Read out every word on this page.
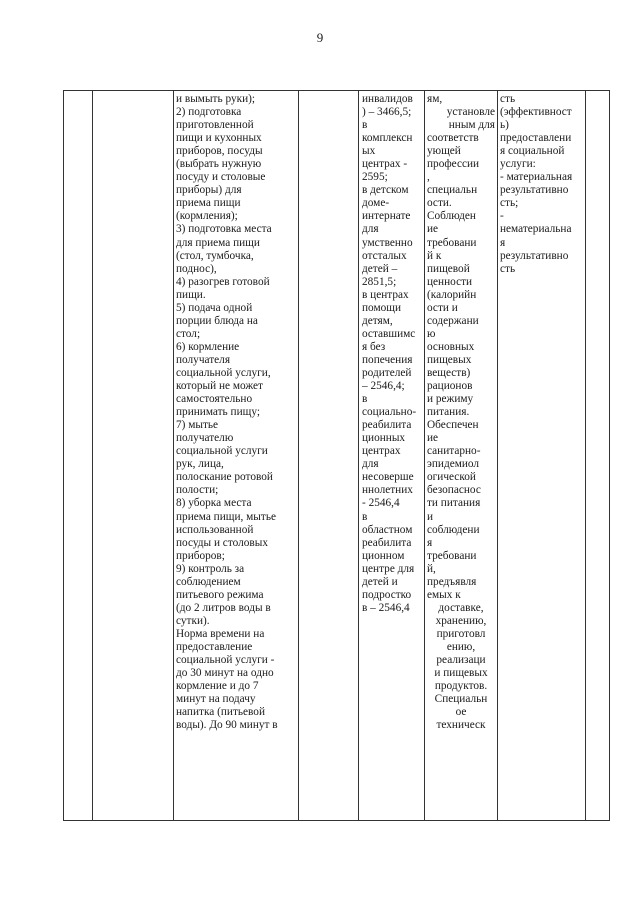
9
и вымыть руки);
2) подготовка
приготовленной
пищи и кухонных
приборов, посуды
(выбрать нужную
посуду и столовые
приборы) для
приема пищи
(кормления);
3) подготовка места
для приема пищи
(стол, тумбочка,
поднос),
4) разогрев готовой
пищи.
5) подача одной
порции блюда на
стол;
6) кормление
получателя
социальной услуги,
который не может
самостоятельно
принимать пищу;
7) мытье
получателю
социальной услуги
рук, лица,
полоскание ротовой
полости;
8) уборка места
приема пищи, мытье
использованной
посуды и столовых
приборов;
9) контроль за
соблюдением
питьевого режима
(до 2 литров воды в
сутки).
Норма времени на
предоставление
социальной услуги -
до 30 минут на одно
кормление и до 7
минут на подачу
напитка (питьевой
воды). До 90 минут в
инвалидов
) – 3466,5;
в
комплексн
ых
центрах -
2595;
в детском
доме-
интернате
для
умственно
отсталых
детей –
2851,5;
в центрах
помощи
детям,
оставшимс
я без
попечения
родителей
– 2546,4;
в
социально-
реабилита
ционных
центрах
для
несоверше
ннолетних
- 2546,4
в
областном
реабилита
ционном
центре для
детей и
подростко
в – 2546,4
ям,
установле
нным для
соответств
ующей
профессии
,
специальн
ости.
Соблюден
ие
требовани
й к
пищевой
ценности
(калорийн
ости и
содержани
ю
основных
пищевых
веществ)
рационов
и режиму
питания.
Обеспечен
ие
санитарно-
эпидемиол
огической
безопаснос
ти питания
и
соблюдени
я
требовани
й,
предъявля
емых к
доставке,
хранению,
приготовл
ению,
реализаци
и пищевых
продуктов.
Специальн
ое
техническ
сть
(эффективност
ь)
предоставлени
я социальной
услуги:
- материальная
результативно
сть;
-
нематериальна
я
результативно
сть
